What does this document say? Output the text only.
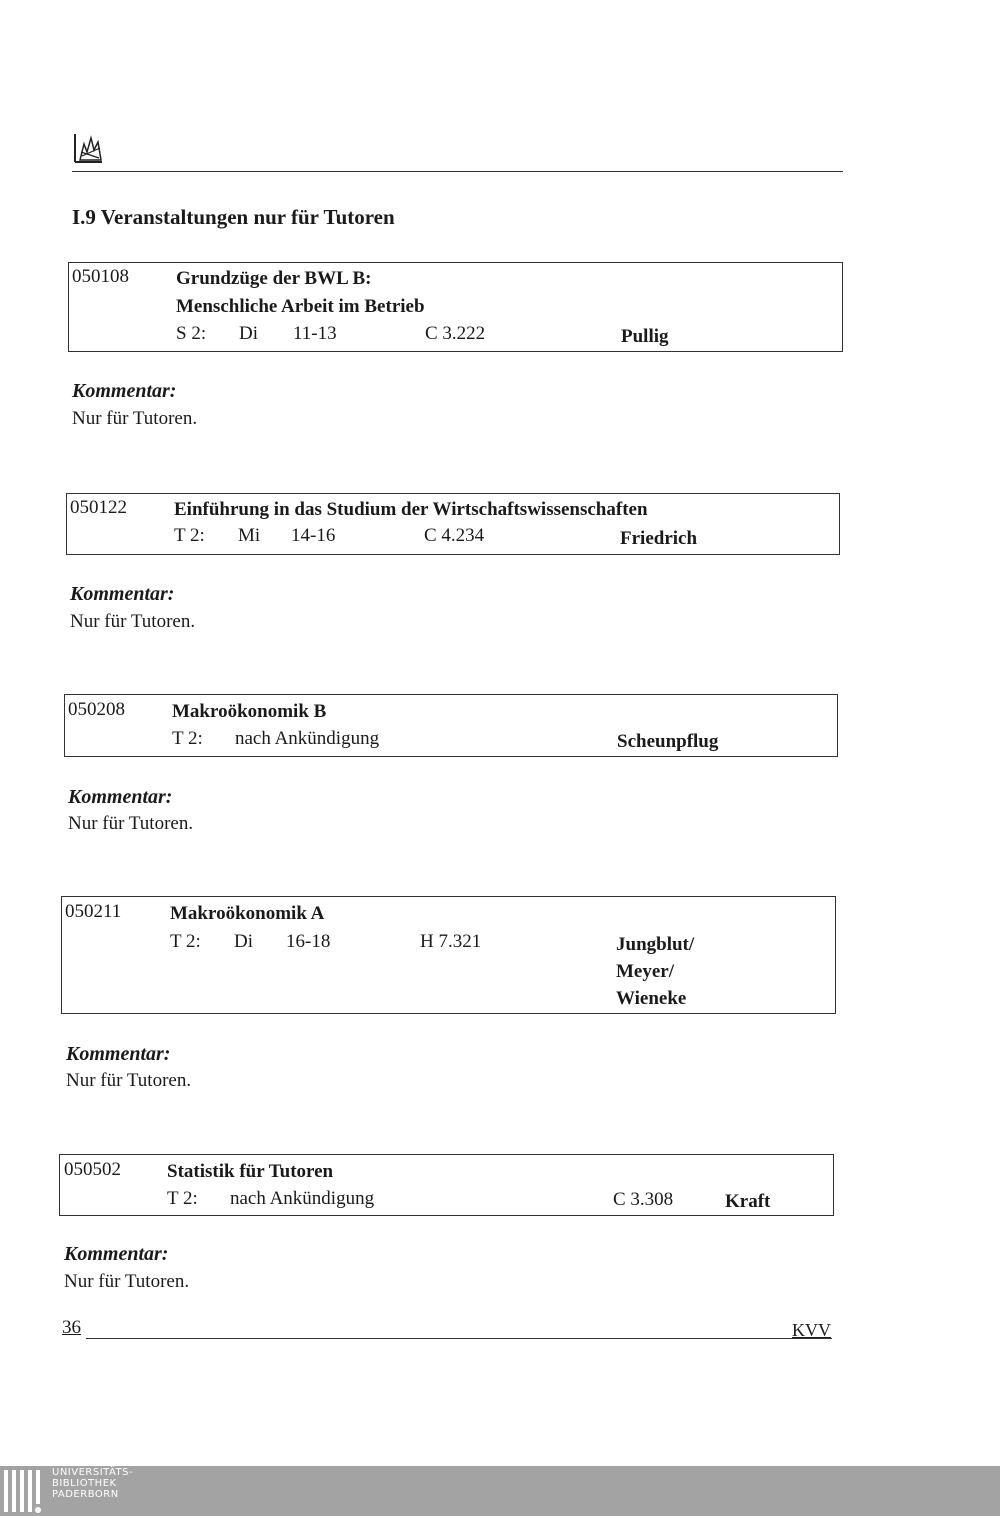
I.9 Veranstaltungen nur für Tutoren
050108 Grundzüge der BWL B:
Menschliche Arbeit im Betrieb
S 2: Di 11-13	C 3.222	Pullig
Kommentar:
Nur für Tutoren.
050122 Einführung in das Studium der Wirtschaftswissenschaften
T 2: Mi 14-16	C 4.234	Friedrich
Kommentar:
Nur für Tutoren.
050208 Makroökonomik B
T 2: nach Ankündigung	Scheunpflug
Kommentar:
Nur für Tutoren.
050211	Makroökonomik A
T 2: Di 16-18	H 7.321	Jungblut/
Meyer/
Wieneke
Kommentar:
Nur für Tutoren.
050502 Statistik für Tutoren
T 2: nach Ankündigung	C 3.308	Kraft
Kommentar:
Nur für Tutoren.
36	KVV
UNIVERSITÄTS-
BIBLIOTHEK
PADERBORN
